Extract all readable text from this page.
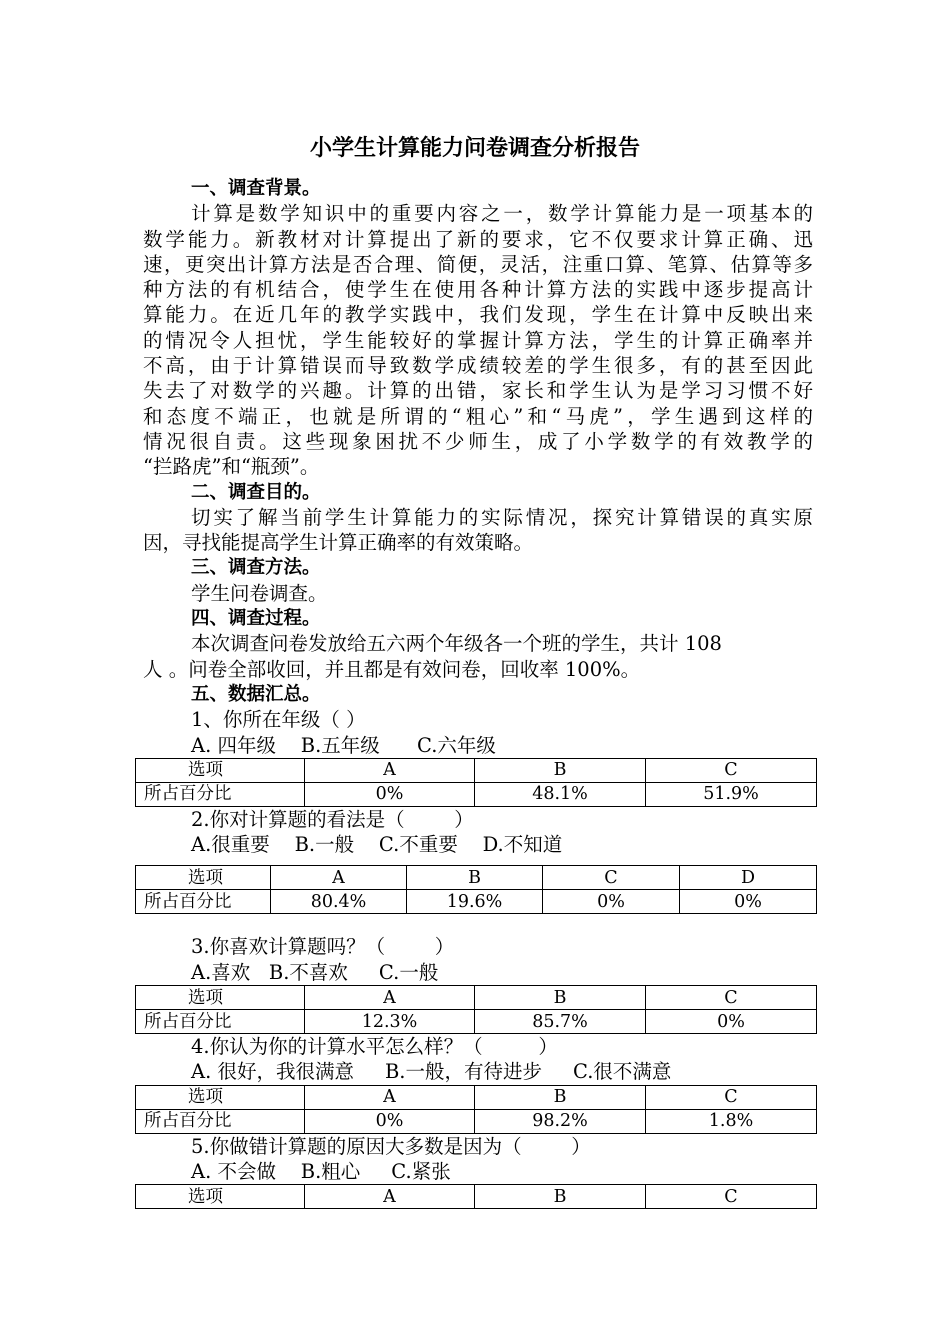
小学生计算能力问卷调查分析报告
一、调查背景。
计算是数学知识中的重要内容之一，数学计算能力是一项基本的
数学能力。新教材对计算提出了新的要求，它不仅要求计算正确、迅
速，更突出计算方法是否合理、简便，灵活，注重口算、笔算、估算等多
种方法的有机结合，使学生在使用各种计算方法的实践中逐步提高计
算能力。在近几年的教学实践中，我们发现，学生在计算中反映出来
的情况令人担忧，学生能较好的掌握计算方法，学生的计算正确率并
不高，由于计算错误而导致数学成绩较差的学生很多，有的甚至因此
失去了对数学的兴趣。计算的出错，家长和学生认为是学习习惯不好
和态度不端正，也就是所谓的“粗心”和“马虎”，学生遇到这样的
情况很自责。这些现象困扰不少师生，成了小学数学的有效教学的
“拦路虎”和“瓶颈”。
二、调查目的。
切实了解当前学生计算能力的实际情况，探究计算错误的真实原
因，寻找能提高学生计算正确率的有效策略。
三、调查方法。
学生问卷调查。
四、调查过程。
本次调查问卷发放给五六两个年级各一个班的学生，共计 108
人 。问卷全部收回，并且都是有效问卷，回收率 100%。
五、数据汇总。
1、你所在年级（ ）
A. 四年级    B.五年级      C.六年级
选项	A	B	C
所占百分比	0%	48.1%	51.9%
2.你对计算题的看法是（        ）
A.很重要    B.一般    C.不重要    D.不知道
选项	A	B	C	D
所占百分比	80.4%	19.6%	0%	0%
3.你喜欢计算题吗？（        ）
A.喜欢   B.不喜欢     C.一般
选项	A	B	C
所占百分比	12.3%	85.7%	0%
4.你认为你的计算水平怎么样？（         ）
A. 很好，我很满意     B.一般，有待进步     C.很不满意
选项	A	B	C
所占百分比	0%	98.2%	1.8%
5.你做错计算题的原因大多数是因为（        ）
A. 不会做    B.粗心     C.紧张
选项	A	B	C
